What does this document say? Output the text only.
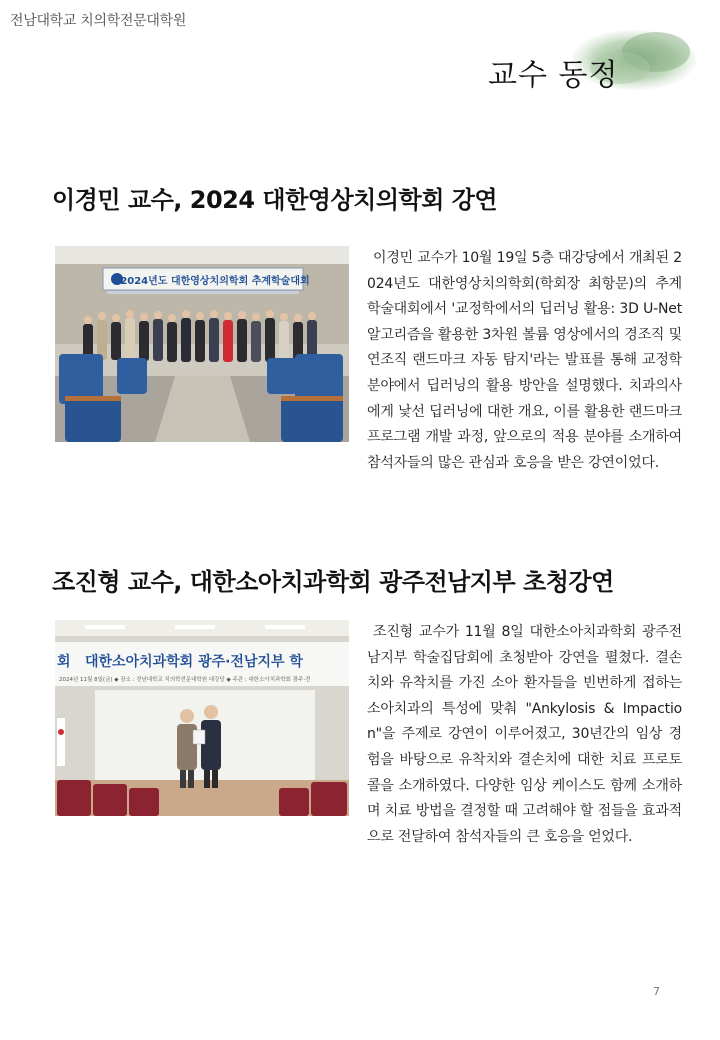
전남대학교 치의학전문대학원
교수 동정
이경민 교수, 2024 대한영상치의학회 강연
2024년도 대한영상치의학회 추계학술대회
이경민 교수가 10월 19일 5층 대강당에서 개최된 2024년도 대한영상치의학회(학회장 최항문)의 추계학술대회에서 '교정학에서의 딥러닝 활용: 3D U-Net 알고리즘을 활용한 3차원 볼륨 영상에서의 경조직 및 연조직 랜드마크 자동 탐지'라는 발표를 통해 교정학 분야에서 딥러닝의 활용 방안을 설명했다. 치과의사에게 낯선 딥러닝에 대한 개요, 이를 활용한 랜드마크 프로그램 개발 과정, 앞으로의 적용 분야를 소개하여 참석자들의 많은 관심과 호응을 받은 강연이었다.
조진형 교수, 대한소아치과학회 광주전남지부 초청강연
회 대한소아치과학회 광주·전남지부 학
2024년 11월 8일(금) ◆ 장소 : 전남대학교 치의학전문대학원 대강당 ◆ 주관 : 대한소아치과학회 광주·전
조진형 교수가 11월 8일 대한소아치과학회 광주전남지부 학술집담회에 초청받아 강연을 펼쳤다. 결손치와 유착치를 가진 소아 환자들을 빈번하게 접하는 소아치과의 특성에 맞춰 "Ankylosis & Impaction"을 주제로 강연이 이루어졌고, 30년간의 임상 경험을 바탕으로 유착치와 결손치에 대한 치료 프로토콜을 소개하였다. 다양한 임상 케이스도 함께 소개하며 치료 방법을 결정할 때 고려해야 할 점들을 효과적으로 전달하여 참석자들의 큰 호응을 얻었다.
7
